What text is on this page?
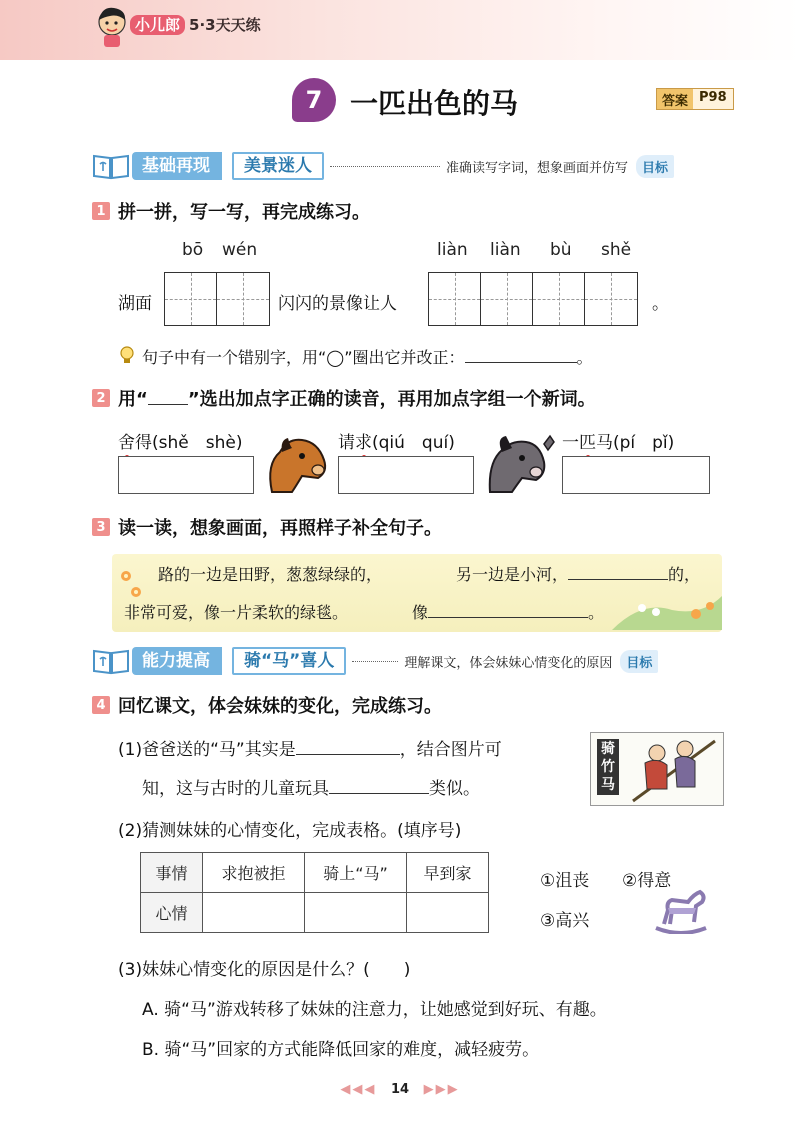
小儿郎 5·3天天练
7 一匹出色的马	答案 P98
基础再现	美景迷人	准确读写字词，想象画面并仿写	目标
1 拼一拼，写一写，再完成练习。
bō wén	liàn liàn bù shě
湖面	闪闪的景像让人	。
句子中有一个错别字，用“◯”圈出它并改正：	。
2 用“ ”选出加点字正确的读音，再用加点字组一个新词。
舍得(shě　shè)	请求(qiú　quí)	一匹马(pí　pǐ)
3 读一读，想象画面，再照样子补全句子。
路的一边是田野，葱葱绿绿的，	另一边是小河，	的，
非常可爱，像一片柔软的绿毯。	像	。
能力提高	骑“马”喜人	理解课文，体会妹妹心情变化的原因	目标
4 回忆课文，体会妹妹的变化，完成练习。
(1)爸爸送的“马”其实是	，结合图片可
知，这与古时的儿童玩具	类似。
骑
竹
马
(2)猜测妹妹的心情变化，完成表格。(填序号)
事情	求抱被拒	骑上“马”	早到家
心情			
①沮丧 ②得意
③高兴
(3)妹妹心情变化的原因是什么？(　　)
A. 骑“马”游戏转移了妹妹的注意力，让她感觉到好玩、有趣。
B. 骑“马”回家的方式能降低回家的难度，减轻疲劳。
◀◀◀ 14 ▶▶▶
